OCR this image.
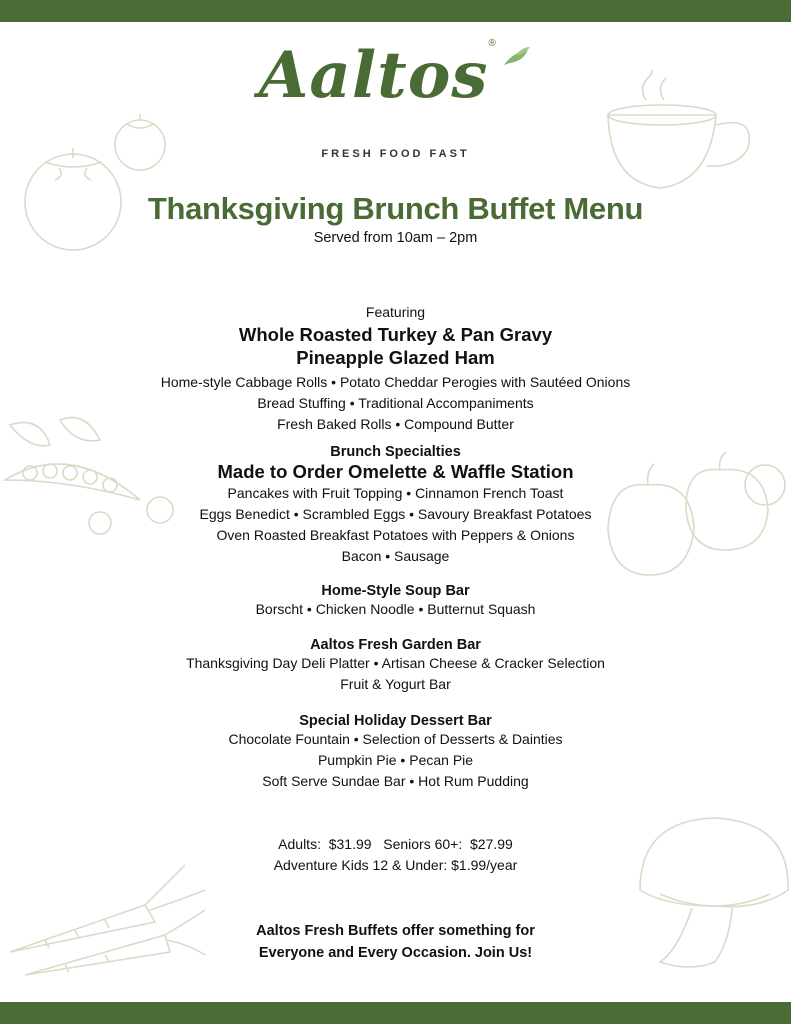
Aaltos®
FRESH FOOD FAST
Thanksgiving Brunch Buffet Menu
Served from 10am – 2pm
Featuring
Whole Roasted Turkey & Pan Gravy
Pineapple Glazed Ham
Home-style Cabbage Rolls • Potato Cheddar Perogies with Sautéed Onions
Bread Stuffing • Traditional Accompaniments
Fresh Baked Rolls • Compound Butter
Brunch Specialties
Made to Order Omelette & Waffle Station
Pancakes with Fruit Topping • Cinnamon French Toast
Eggs Benedict • Scrambled Eggs • Savoury Breakfast Potatoes
Oven Roasted Breakfast Potatoes with Peppers & Onions
Bacon • Sausage
Home-Style Soup Bar
Borscht • Chicken Noodle • Butternut Squash
Aaltos Fresh Garden Bar
Thanksgiving Day Deli Platter • Artisan Cheese & Cracker Selection
Fruit & Yogurt Bar
Special Holiday Dessert Bar
Chocolate Fountain • Selection of Desserts & Dainties
Pumpkin Pie • Pecan Pie
Soft Serve Sundae Bar • Hot Rum Pudding
Adults:  $31.99   Seniors 60+:  $27.99
Adventure Kids 12 & Under: $1.99/year
Aaltos Fresh Buffets offer something for
Everyone and Every Occasion. Join Us!
